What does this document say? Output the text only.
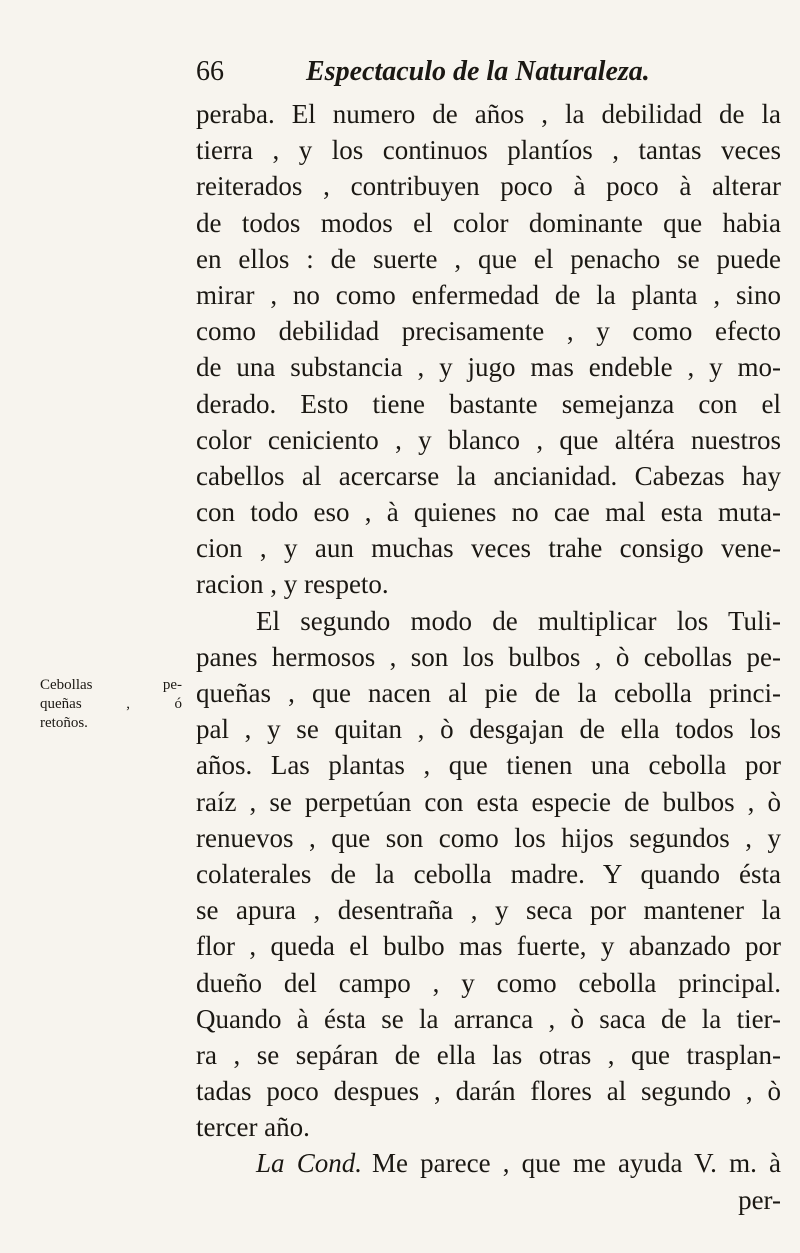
66	Espectaculo de la Naturaleza.

Cebollas pe-
queñas , ó
retoños.

peraba. El numero de años , la debilidad de la
tierra , y los continuos plantíos , tantas veces
reiterados , contribuyen poco à poco à alterar
de todos modos el color dominante que habia
en ellos : de suerte , que el penacho se puede
mirar , no como enfermedad de la planta , sino
como debilidad precisamente , y como efecto
de una substancia , y jugo mas endeble , y mo-
derado. Esto tiene bastante semejanza con el
color ceniciento , y blanco , que altéra nuestros
cabellos al acercarse la ancianidad. Cabezas hay
con todo eso , à quienes no cae mal esta muta-
cion , y aun muchas veces trahe consigo vene-
racion , y respeto.
El segundo modo de multiplicar los Tuli-
panes hermosos , son los bulbos , ò cebollas pe-
queñas , que nacen al pie de la cebolla princi-
pal , y se quitan , ò desgajan de ella todos los
años. Las plantas , que tienen una cebolla por
raíz , se perpetúan con esta especie de bulbos , ò
renuevos , que son como los hijos segundos , y
colaterales de la cebolla madre. Y quando ésta
se apura , desentraña , y seca por mantener la
flor , queda el bulbo mas fuerte, y abanzado por
dueño del campo , y como cebolla principal.
Quando à ésta se la arranca , ò saca de la tier-
ra , se sepáran de ella las otras , que trasplan-
tadas poco despues , darán flores al segundo , ò
tercer año.
La Cond. Me parece , que me ayuda V. m. à
per-
